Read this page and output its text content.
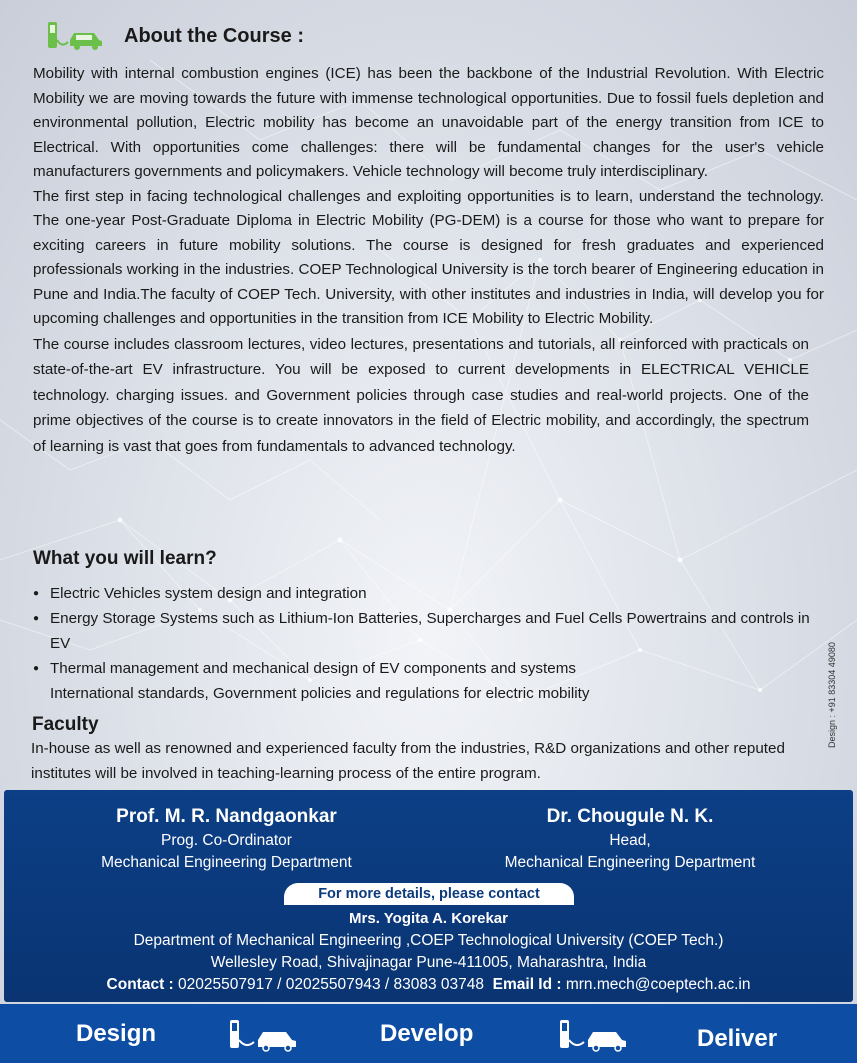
About the Course :

Mobility with internal combustion engines (ICE) has been the backbone of the Industrial Revolution. With Electric Mobility we are moving towards the future with immense technological opportunities. Due to fossil fuels depletion and environmental pollution, Electric mobility has become an unavoidable part of the energy transition from ICE to Electrical. With opportunities come challenges: there will be fundamental changes for the user's vehicle manufacturers governments and policymakers. Vehicle technology will become truly interdisciplinary.

The first step in facing technological challenges and exploiting opportunities is to learn, understand the technology. The one-year Post-Graduate Diploma in Electric Mobility (PG-DEM) is a course for those who want to prepare for exciting careers in future mobility solutions. The course is designed for fresh graduates and experienced professionals working in the industries. COEP Technological University is the torch bearer of Engineering education in Pune and India.The faculty of COEP Tech. University, with other institutes and industries in India, will develop you for upcoming challenges and opportunities in the transition from ICE Mobility to Electric Mobility.

The course includes classroom lectures, video lectures, presentations and tutorials, all reinforced with practicals on state-of-the-art EV infrastructure. You will be exposed to current developments in ELECTRICAL VEHICLE technology. charging issues. and Government policies through case studies and real-world projects. One of the prime objectives of the course is to create innovators in the field of Electric mobility, and accordingly, the spectrum of learning is vast that goes from fundamentals to advanced technology.

What you will learn?
● Electric Vehicles system design and integration
● Energy Storage Systems such as Lithium-Ion Batteries, Supercharges and Fuel Cells Powertrains and controls in EV
● Thermal management and mechanical design of EV components and systems
International standards, Government policies and regulations for electric mobility
Faculty

In-house as well as renowned and experienced faculty from the industries, R&D organizations and other reputed institutes will be involved in teaching-learning process of the entire program.

Design : +91 83304 49080
Prof. M. R. Nandgaonkar
Prog. Co-Ordinator
Mechanical Engineering Department
Dr. Chougule N. K.
Head,
Mechanical Engineering Department
For more details, please contact
Mrs. Yogita A. Korekar
Department of Mechanical Engineering ,COEP Technological University (COEP Tech.)
Wellesley Road, Shivajinagar Pune-411005, Maharashtra, India
Contact : 02025507917 / 02025507943 / 83083 03748 Email Id : mrn.mech@coeptech.ac.in
Design	Develop	Deliver
